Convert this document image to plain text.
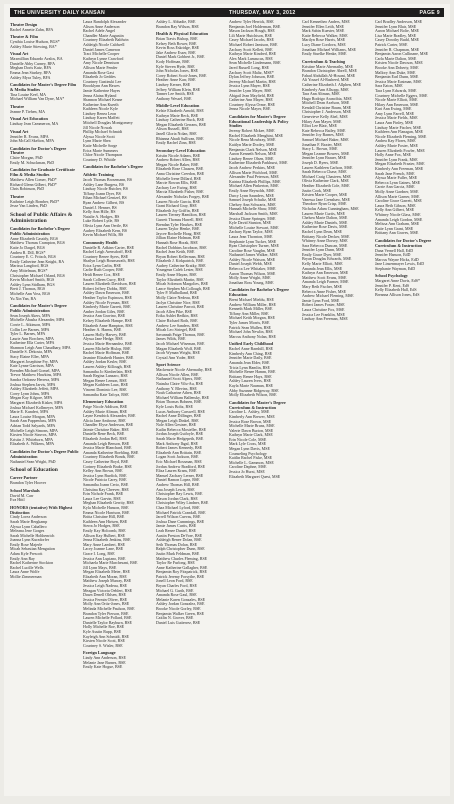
THE UNIVERSITY DAILY KANSAN	THURSDAY, MAY 3, 2012	PAGE 9
Theatre Design
Rachel Annette Zahn, BFA
Theatre & Film
Cynthia Louise Hudson, BGS*
Ashley Marie Stiewing, BA*
Visual Art
Maxmillian Eduardo Avalos, BA
Danielle Abby Carney, BFA
Meghan Doris Kutz, BFA
Emma Jean Starkey, BFA
Ashley Myra Tuley, BFA
Candidates for Master's Degree Film & Media Studies
Tina Louise Keel, MA
Michael William Van Dyne, MA*
Theatre
Jeanne P. Tiehen, MA
Visual Art Education
Lindsay Jean Cammeron, MA
Visual Art
Jennifer R. Evans, MFA
John McCall Skelton, MFA
Candidates for Doctor's Degree Theatre
Claire Morgan, PhD
Emily M. Schuckman, PhD
Candidates for Graduate Certificate Film & Media Studies
Matthew Allen Comer, PhD*
Richard Glenn Gilbert, PhD*
Chris Robinson, PhD
Theatre
Kathrine Leigh Bomber, PhD*
Jesse Van Linden, PhD
School of Public Affairs & Administration
Candidates for Bachelor's Degree Public Administration
Anne Elizabeth Cassidy, BGS
Matthew Thomas Crampton, BGS
Katie Jo Dargel, BGS
Andrea R. Dill, BGS*
Courtney E. C. Fritsch, BGS
Emily Catherine Jean Knight, BA
Marissa Langford, BGS
Amy Mittelman, BGS*
Christopher Michael Orland, BGS
Kevin Michael Smith, BGS
Ashley Lynn Stidham, BGS
Brett J. Thomas, BGS
Michelle Ann Voss, BGS
Yu Xin Yan, BA
Candidates for Master's Degree Public Administration
Sean Joseph Akers, MPA
Michelle Abasha Alexander, MPA
Corrie L. Atkinson, MPA
Collin Lee Barnes, MPA
Tyler L. Barnes, MPA
Laurie Ann Borchers, MPA
Katherine Ella Carter, MPA
Shannon Leigh Ann Chaudhary, MPA
Danielle S. Dekosta, MPA
Stacy Elaine Eller, MPA
Margaret Josephine Fry, MPA
Kate Lynne Garrison, MPA
Brenden Michael Gomel, MPA
Trevor Matthew Hawkins, MPA
Sandra Ordonez Herrera, MPA
Joshua Stephen Jarvis, MPA
Ashley Elizabeth Jeffett, MPA
Corey Lynn Johns, MPA
Megan Kay Kilgore, MPA
Margaret Elizabeth Kisker, MPA
Joshua Michael Kollmeyer, MPA
Marie E. Kundert, MPA
Laura Louise Morgan, MPA
Sarah Ann Pappenfuss, MPA
Adrian Todd Salyards, MPA
Michelle Leigh Simons, MPA
Kirsten Nicole Stavros, MPA
Kristin J. Whitehorn, MPA
Elizabeth A. Wilkens, MPA
Candidates for Doctor's Degree Public Administration
Nathaniel Sean Wright, PhD
School of Education
Career Partner
Brandon Tyler Hoover
School Marshals
David M. Carr
Eva Hittl
HONORS (tentative) With Highest Distinction
Cindy Lorea Anderson
Sarah Marie Bergkamp
Alyssa Lynn Caballero
Meleana Jene Gorges
Sarah Michelle Holthenrich
Joanna Lynn Kurzdorfer
Emily Rose Majerle
Micah Sebastian Mengation
Adam Kyle Prescott
Emily Ann Ray
Rachel Katherine Stockton
Rachel Lucille Wells
Laura Anne Wolfe
Mollie Zimmerman
Laura Randolph Alexander
Alison Anne Anderson
Rachel Adele Angel
Chandler Marie Augustin
Courtney Elizabeth Baldwin
Ashleigh Nicole Caldwell
Daniel James Cameron
Traci Michelle Cooper
Kathryn Lynne Crawford
Amy Nicole Dennison
Allison Marie Fender
Amanda Rose Gast
Elizabeth Jo Geddes
Courtney Gustinski Lee
Brooklynn Ann Hawes
Jamie Katherine Hayes
Jenna Alaina Hyland
Shannon Michael Keane
Katherine Ann Kuerth
Kathleen Nicole Kyle
Lindsey Renea Leon
Lindsay Karen Maffett
Mitchell Douglas Montgomery
Jill Nicole Nowak
Phillip Michael Schmidt
Alyssa Nicole Scott
Lynn Marie Shea
Katie Michelle Sorge
Erica Marie Summers
Chloe Nicole Thompson
Courtney D. Whittle
Candidates for Bachelor's Degree
Athletic Training
Jacob Thomas Brosemann, BS
Ashley Lane Burgess, BS
Lindsay Nicole Butcher, BS
Tiffany Joann Dyer, BS
Ethan Michael Gentzel, BS
Ryan Andrew Gilbert, BS
Daniel J. Henner, BS
Kelly Ann Hille, BS
Natalie A. Hodges, BS
Luke Robert Lytle, BS
Olivia Lynn Ann Oertle, BS
Audrey Elizabeth Kern, BS
Kevin Michael Wills, BS
Community Health
Danielle R. Adkins-Carter, BSE
Rachel Leigh Arensdorff, BSE
Courtney Renee Ayers, BSE
Shailyn Leigh Bounsavath, BSE
Erica Lynn Carlin, BSE
Carlie Ruth Cooper, BSE
Heidi Renee Cox, BSE
Sarah Colleen Curry, BSE
Lauren Elizabeth Davidson, BSE
Robert Jeffrey Dobbs, BSE
Ashley Dawn Emerson, BSE
Heather Taylor Espinoza, BSE
Ashley Nicole Fryman, BSE
Kimberly Marie Garrett, BSE
Amber Jordan Giles, BSE
Jessica Ann Gravino, BSE
Kelsey Elizabeth Hampe, BSE
Elizabeth Anne Hampton, BSE
Heather A. Harms, BSE
Lauren Holly Harvey, BSE
Alyssa Jane Hedge, BSE
Jessica Marie Hernandez, BSE
Lauren Michelle Hislop, BSE
Rachel Marie Hoffman, BSE
Jasmine Elizabeth Hunter, BSE
Ashley Jordan Kesler, BSE
Lauren Ashley Killough, BSE
Samantha Jo Kimberlain, BSE
Sarah Regina Lanzaro, BSE
Megan Renee Lemon, BSE
Megan Kathleen Laux, BSE
Vincent Dominic Lee, BSE
Samantha Kate Tafoya, BSE
Elementary Education
Paige Nicole Addison, BSE
Ashley Marie Altman, BSE
Layne Kendrick Alexander, BSE
Alicia Jane Ambrose, BSE
Chandler Elyse Anderson, BSE
Jaimie Christine Baker, BSE
Danielle Rene Beck, BSE
Elizabeth Jordan Bell, BSE
Amanda Leigh Benson, BSE
Jessica Marie Blanchard, BSE
Amanda Katherine Boehling, BSE
Courtney Elizabeth Bonds, BSE
Casey Catherine Boyd, BSE
Cortney Elizabeth Brake, BSE
Kelley Ann Brown, BSE
Jessica Lynn Burdick, BSE
Nicole Patricia Carey, BSE
Samantha Joann Cerio, BSE
Christina Kay Cheever, BSE
Erin Nichole Frank, BSE
Laura Lee Garvin, BSE
Meghan Elizabeth Gerrity, BSE
Kyla Michelle Hanson, BSE
Emma Nicole Harrison, BSE
Britta Christine Hill, BSE
Kathleen Ann Hirtsen, BSE
Sierra Jo Hodges, BSE
Emily Kay Holcomb, BSE
Allison Kay Hulbert, BSE
Jenna Elizabeth Jenkins, BSE
Mary Anne Lambert, BSE
Lacey Joanne Lane, BSE
Grace I. Long, BSE
Jessica Ann Lupiano, BSE
Michaela Marie Marchesani, BSE
Jill Lynn Mays, BSE
Megan Elizabeth Meier, BSE
Elizabeth Ann Moran, BSE
Matthew Joseph Murray, BSE
Jessica Leigh Nadeau, BSE
Meagan Victoria Oehlert, BSE
Dawn Denell Ohlsen, BSE
Jessica Fermin Oliver, BSE
Molly Ann Ortiz-Jones, BSE
Melinda Michelle Paulson, BSE
Brandon Tyler Pierson, BSE
Lauren Michelle Pollard, BSE
Danielle Taylor Rayburn, BSE
Holly Michelle Roe, BSE
Kyle Austin Rupp, BSE
Kayleigh Ann Schmidt, BSE
Kirsten Nicole Scott, BSE
Courtney S. Wisler, BSE
Foreign Language
Lindy Ann Anderson, BSE
Melanie Jane Barnes, BSE
Emily Kate Hogue, BSE
Ashley L. Abbadie, BSE
Brandon Ray Wilson, BSE
Health & Physical Education
Brian Travis Bishop, BSE
Kelsey Beth Bower, BSE
Kevin Ross Eskridge, BSE
Jake Andrew Esser, BSE
Daniel Mark Gobbert Jr., BSE
Kody Hoffman, BSE
Kyle Steven Hyde, BSE
John Nicholas Jones, BSE
Corey Robert Scott-Jones, BSE
Heather Anne Karr, BSE
Lindsey Kerner, BSE
Jeffrey William Klein, BSE
Tanner Lee Smith, BSE
Anthony Wessel, BSE
Middle-Level Education
Kelsie Elizabeth Arnold, BSE
Kathryn Marie Beck, BSE
Lindsay Catherine Buck, BSE
Megan Elizabeth Gerrans, BSE
Alison Russell, BSE
Janell Gloria Nolan, BSE
Rhianna Ahadi Sullivan, BSE
Emily Rachel Zinn, BSE
Secondary-Level Education
Kristin Nicole Adams, BSE
Andrew Robert Allen, BSE
Megan Nicole Baker, BSE
Elizabeth Rose Clausen, BSE
Anna Christine Creedon, BSE
Michelle Irene Dillard, BSE
Marcie Rowan Ellis, BSE
Zachary Lee Ewing, BSE
Marcia Elizabeth Fisher, BSE
Alexander Nicholas Forgey, BSE
Lauren Nicole Garcia, BSE
Grant Richard Gray, BSE
Elizabeth Joy Griffin, BSE
Lauren Tierney Hamilton, BSE
Garrett Thomas Harrell, BSE
Brendan Tyler Hawkes, BSE
Lauren Taylor Henke, BSE
Jaycee Rochelle Hoag, BSE
Jillian Elaine Holman, BSE
Hannah Rose Horak, BSE
Rachel Dobbins Jacobson, BSE
Rachel Jean Keith, BSE
Bryan Robert Kellerman, BSE
Elizabeth J. Kirkpatrick, BSE
Audrey Catherine Kratky, BSE
Youngeun Caleb Lester, BSE
Emily Anne Mayan, BSE
Taylor Elizabeth Martin, BSE
Micah Solomon Margolies, BSE
Lance Stephen McCollough, BSE
Tyler P. Mulholland, BSE
Molly Claire Nedeau, BSE
Jaclyn Christine Nice, BSE
Lauren Christine Parrott, BSE
Jacob Allen Pike, BSE
Erika Ashlei Redkin, BSE
Claire Richard Roth, BSE
Andrew Lee Sanders, BSE
Micah Leo Striegel, BSE
Savannah Paige Thomas, BSE
James Wilds, BSE
Jacob Michael Wiseman, BSE
Magan Elizabeth Wolf, BSE
Jacob Wyman Wright, BSE
Crystal Ann Yoder, BSE
Sport Science
Mackenzie Nicole Abernathy, BSE
Allison Nicole Allen, BSE
Nathaniel Scott Alpers, BSE
Natasha Claire Vilu-Au, BSE
Anthony Y. Blevins, BSE
Noah Catharine Athen, BSE
Michael William Ballensky, BSE
Brian Thomas Bohnen, BSE
Kyle Louis Boltz, BSE
Lucas Anthony Carswell, BSE
Rachel Anne Dillinger, BSE
Megan Leigh Dinkel, BSE
Nole Allen Gestner, BSE
Katlin Rebecca Mosteller, BSE
Jordan Joseph Guifoyle, BSE
Sarah Marie Hedgepeth, BSE
Mark Anthony Ihgal, BSE
Robert James Kennedy, BSE
Elizabeth Ann Brittain, BSE
Logan Scott Jackson, BSE
Eric Michael Rossman, BSE
Jordan Andrew Bradford, BSE
Eliza Lauren Krans, BSE
Manuel Zachary Lerner, BSE
Daniel Ramon Lopez, BSE
Andrew Thomas Hill, BSE
Ana Joseph Lewis, BSE
Christopher Ray Lewis, BSE
Mason Jordan Clark, BSE
Christopher Wiley Lindner, BSE
Chaz Michael Lyford, BSE
Michael Patrick Crandall, BSE
Jarrell Wilson Cuevas, BSE
Joshua Dane Cummings, BSE
Jamie James Curtis, BSE
Leah Renee Daniel, BSE
Austin Preston DeVore, BSE
Ashleigh Renee Dolan, BSE
Seth Thomas Dolan, BSE
Ralph Christopher Dunn, BSE
Justin Mark Feldman, BSE
Matthew Charles Fleming, BSE
Taylor Re Furlong, BSE
Anne Katherine Gallagher, BSE
Benjamin Roy Fitzpatrick, BSE
Patrick Jeremy Forsythe, BSE
Jonell Leon Ford, BSE
Bryan Charles Ford, BSE
Michael G. Garth, BSE
Amanda Rose Gaul, BSE
Melanie Karen Gonzales, BSE
Ashley Jordan Gonzalez, BSE
Brooke Nicole Gorley, BSE
Benjamin Walker Green, BSE
Caitlin N. Grover, BSE
Daniel Luis Gutierrez, BSE
Andrew Tyler Herrick, BSE
Benjamin Joel Holderman, BSE
Mason Jackson Hough, BSE
Lili Marie Hutchison, BSE
Casey Michael Jacobs, BSE
Michael Robert Jamison, BSE
Zachary Scott Kellett, BSE
Kathryn Marie Kindred, BSE
Alex Mark Lamascus, BSE
Sean Michelle Lindemann, BSE
Jared Russell Long, BSE
Zachary Scott Maltz, MSE*
Dylan Jeffrey Johnson, BSE
Jeremy Michael Martin, BSE
Jessica Lynn Mayer, BSE
Jennifer Lynn Mayer, BSE
Abigail Jean Mayfield, BSE
Catherine Ann Mayer, BSE
Courtney Alyssa Orme, BSE
Jenna Nicole Mayer, BSE
Candidates for Master's Degree Educational Leadership & Policy Studies
Jeremy Robert Mckee, MSE
Rachel Elizabeth Menghini, MSE
Nicole Rena Mowbray, MSE
Kaitlyn Marie Dooley, MSE
Benjamin Clark Nelson, MSE
Aaron Kenneth Nelson, MSE
Lindsey Renee Olsen, MSE
Katherine Elizabeth Parkhurst, MSE
Jacob Andrew Perkins, MSE
Allison Marie Pitchford, MSE
Alexander Paul Peterson, MSE
Katrina Elizabeth Phillips, MSE
Michael Allen Pinkerton, MSE
Emily Anne Reynolds, MSE
Darcy Lynn Saunders, MSE
Samuel Joseph Schultz, MSE
Chelsey Ann Schwartz, MSE
Hannah Michelle Shaw, MSE
Marshall Jackson Smith, MSE
Jessica Diane Springer, MSE
Kyle David Stanton, MSE
Michelle Louise Stewart, MSE
Zachary Ryan Taylor, MSE
Laura Jean Thornton, MSE
Stephanie Lynn Tucker, MSE
Ryan Christopher Turner, MSE
Caroline Rose Vaughn, MSE
Nathaniel James Walker, MSE
Ashley Nicole Watson, MSE
Daniel Joseph Webb, MSE
Rebecca Lee Whitaker, MSE
Aaron Thomas Wilson, MSE
Molly Anne Wright, MSE
Jonathan Ross Young, MSE
Candidates for Bachelor's Degree Education
Brent Michael Mieldu, BSE
Andrew William Miller, BSE
Kenneth Mark Miller, BSE
Tiffany Ann Miller, BSE
Michael Keith Morgan, BSE
Tyler James Morris, BSE
Patrick Sean Mullen, BSE
Michael John Newlin, BSE
Marcus Anthony Nolan, BSE
Unified Early Childhood
Rachel Anne Barnhill, BSE
Kimberly Ann Ching, BSE
Jennifer Marie Daily, BSE
Amanda Jean Elder, BSE
Tricia Lynn Hamlin, BSE
Michelle Renee Hamm, BSE
Brittany Renee Hays, BSE
Ashley Lauren Ivers, BSE
Kayla Marie Nauman, BSE
Abby Suzanne Ridgeway, BSE
Molly Elizabeth Wilson, BSE
Candidates for Master's Degree Curriculum & Instruction
Caroline L. Ashley, MSE
Kimberly Ann Brewer, MSE
Jessica Rose Brown, MSE
Michelle Marie Bruns, MSE
Valerie Dawn Burton, MSE
Kathryn Marie Clark, MSE
Erin Nicole Cole, MSE
Mark Lyle Cross, MSE
Megan Lynn Davis, MSE
Counseling Psychology
Kaitlin Rachel Fiske, MSE
Michelle L. Gammon, MSE
Caroline Daphne, MSE
Jessica Jo Hurst, MSE
Elizabeth Margaret Quest, MSE
Carl Kennetheo Anders, MSE
Jennifer Ellen Leith, MSE
Mark Sabin Kuester, MSE
Katie Rebecca Walker, MSE
Marilyn Rose Harris, MSE
Lucy Diane Cordova, MSE
Jonathan Michael Williams, MSE
Emily Stuelke Henke, MSE
Curriculum & Teaching
Kristine Marie Abernathy, MSE
Brandon Christopher Abrell, MSE
Fahad Abdullah Al-Hosani, MSE
Ali Yousef Al-Rasheed, MSE
Catherine Elizabeth J. Allphen, MSE
Kimberly Ann Allsopp, MSE
Tara Ann Altman, MSE
Hugo Rodrigo Arancibia, MSE
Mitchell Dean Axelson, MSE
Kendall Christine Baum, MSE
Christopher J. Anderson, MSE
Genevieve Kelly Abel, MSE
Hilary Ann Mayer, MSE
Elliot Lee Blair, MSE
Kate Rebecca Bailey, MSE
Jennifer Joy Barnes, MSE
Samuel Michael Baker, MSE
Jonathan F. Baxter, MSE
Stacy L. Brown, MSE
Megan Leanne Bowers, MSE
Jennifer Lynn Brauer, MSE
Joseph D. Byers, MSE
Lauren Kathleen Carlson, MSE
Sarah Rebecca Chase, MSE
Michael Craig Chasteen, MSE
Olivia Katherine Clark, MSE
Heather Elizabeth Cole, MSE
Justin Cook, MSE
Kristen Marie Cooper, MSE
Vanessa Jane Crenshaw, MSE
Theodore Ryan Crisp, MSE
Nicholas Adam Cunningham, MSE
Lauren Marie Curtis, MSE
Chelsea Marie Dalton, MSE
Ashley Marie Daniels, MSE
Katherine Rose Davis, MSE
Rachel Lynn Dean, MSE
Brittany Nicole Decker, MSE
Whitney Anne Dorsey, MSE
Sara Rebecca Duncan, MSE
Jennifer Lynn Dunn, MSE
Emily Grace Dyer, MSE
Bryan Douglas Edwards, MSE
Kelly Marie Elliott, MSE
Amanda Jean Ellis, MSE
Kathryn Ann Emerson, MSE
Matthew Scott Evans, MSE
Amanda Leigh Farmer, MSE
Mary Beth Fischer, MSE
Rebecca Anne Fisher, MSE
Andrew Michael Fleming, MSE
Jamie Lynn Ford, MSE
Robert James Foster, MSE
Laura Christine Fox, MSE
Jessica Lee Franklin, MSE
Lindsay Ann Freeman, MSE
Carl Bradley Anderson, MSE
Jennifer Lynn Blair, MSE
Aaron Michael Bolte, MSE
Lisa Marie Bradley, MSE
Casey Dorothy Budd, MSE
Patrick Carter, MSE
Jennifer R. Chapman, MSE
Benjamin Aaron Cullinane, MSE
Carla Marie Dalton, MSE
Kristen Nicole Dawson, MSE
Brooke Ann Doherty, MSE
Mallory Ann Duke, MSE
Benjamin Earl Dunn, MSE
Jessica Marie Eastman, MSE
Sara Eaton, MSE
Tara Lynn Edwards, MSE
Courtney Michelle Eggers, MSE
Nicole Marie Elliott, MSE
Hilary Ann Emerson, MSE
Kari Ann Ewing, MSE
Amy Lynn Farrell, MSE
Jessica Marie Fields, MSE
Laura Ann Finley, MSE
Lindsay Marie Fischer, MSE
Kathleen Ann Flanagan, MSE
Nicole Elizabeth Fleming, MSE
Andrea Kay Flores, MSE
Ashley Marie Foster, MSE
Lauren Elizabeth Fowler, MSE
Holly Anne Fox, MSE
Jennifer Lynn Frank, MSE
Megan Elizabeth Frazier, MSE
Kimberly Ann Freeman, MSE
Sarah Jane French, MSE
Alyssa Marie Fuller, MSE
Rebecca Lynn Gaines, MSE
Carrie Ann Garcia, MSE
Molly Anne Gardner, MSE
Allison Marie Garner, MSE
Caroline Grace Garrett, MSE
Laura Beth Gibson, MSE
Kelly Ann Gilbert, MSE
Whitney Nicole Glass, MSE
Amanda Leigh Gordon, MSE
Melissa Ann Graham, MSE
Katie Lynn Grant, MSE
Brittany Ann Graves, MSE
Candidates for Doctor's Degree Curriculum & Instruction
Dana Vernell Hall, EdD
Jennifer Hanson, EdD
Marcus Wayne Hicks, EdD
Jane Linsenmayer Lewis, EdD
Stephanie Wayman, EdD
School Psychology
Margaret Anne Davis, EdS*
Jennifer P. Kent, EdS
Kelly Elizabeth Hall, EdS
Breanna Allison Jones, EdS
